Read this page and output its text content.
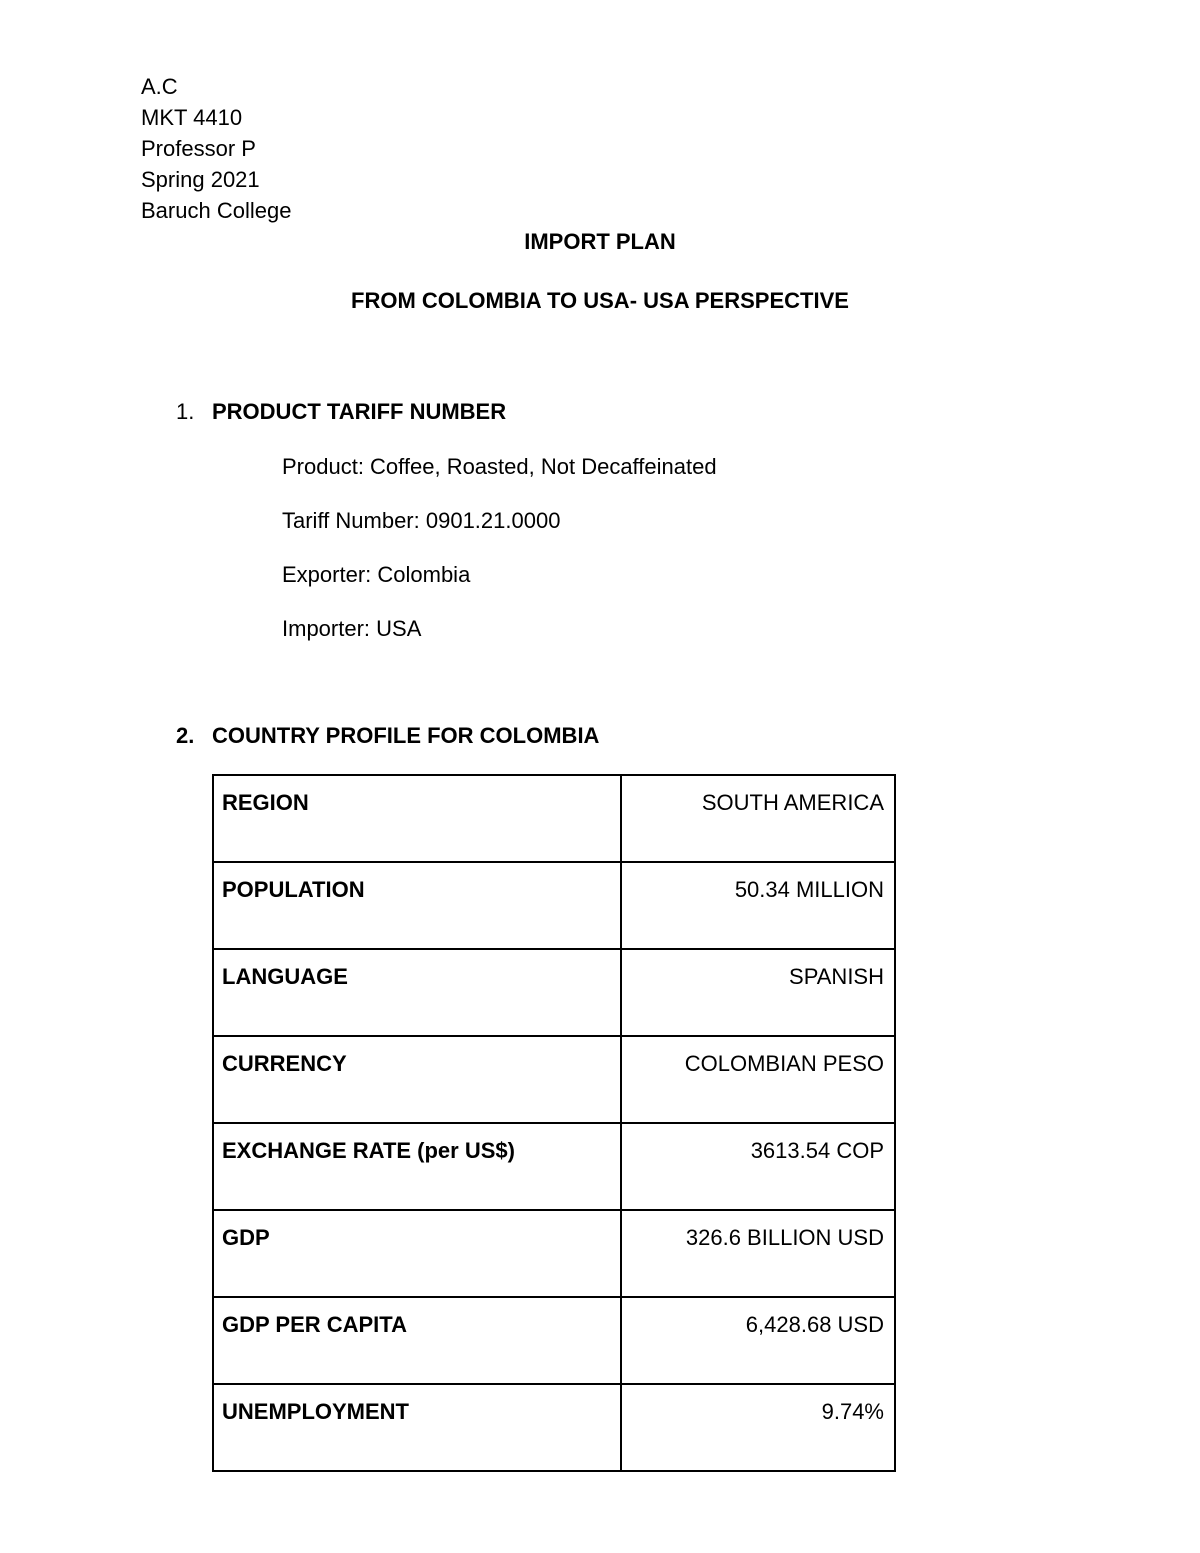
A.C
MKT 4410
Professor P
Spring 2021
Baruch College
IMPORT PLAN
FROM COLOMBIA TO USA- USA PERSPECTIVE
1. PRODUCT TARIFF NUMBER
Product: Coffee, Roasted, Not Decaffeinated
Tariff Number: 0901.21.0000
Exporter: Colombia
Importer: USA
2. COUNTRY PROFILE FOR COLOMBIA
REGION	SOUTH AMERICA
POPULATION	50.34 MILLION
LANGUAGE	SPANISH
CURRENCY	COLOMBIAN PESO
EXCHANGE RATE (per US$)	3613.54 COP
GDP	326.6 BILLION USD
GDP PER CAPITA	6,428.68 USD
UNEMPLOYMENT	9.74%
